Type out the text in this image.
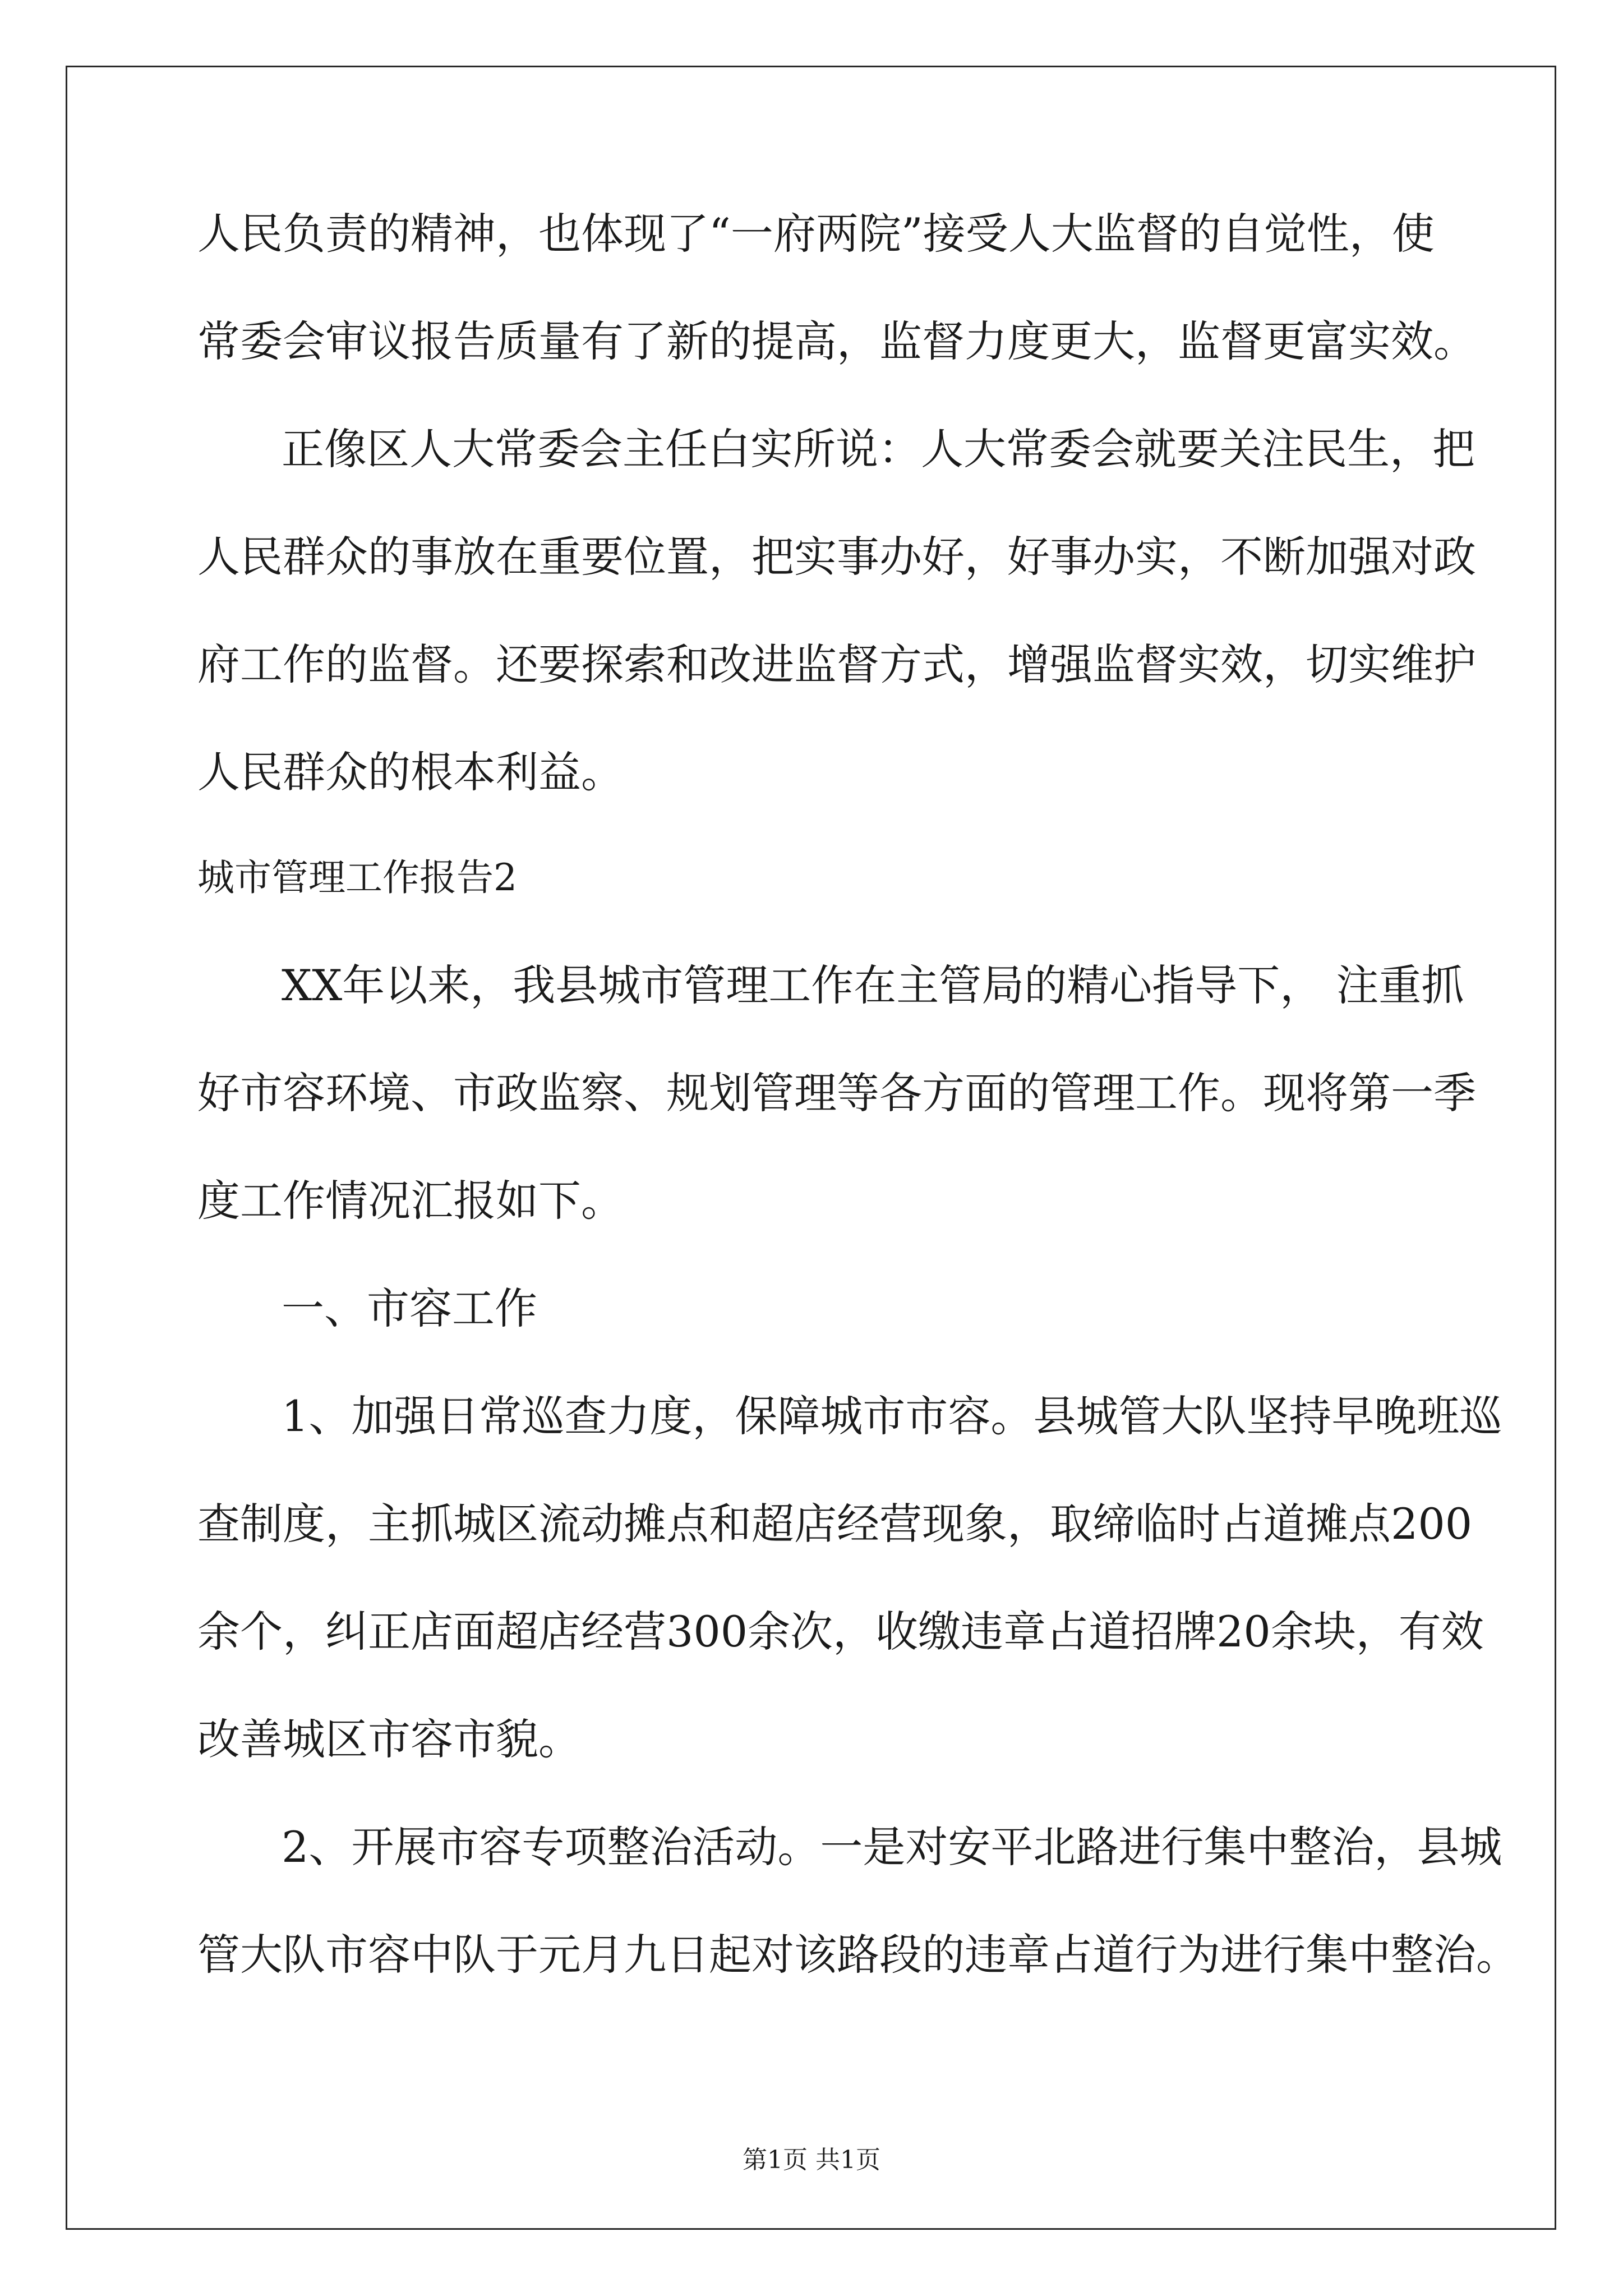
人民负责的精神，也体现了“一府两院”接受人大监督的自觉性，使
常委会审议报告质量有了新的提高，监督力度更大，监督更富实效。
正像区人大常委会主任白实所说：人大常委会就要关注民生，把
人民群众的事放在重要位置，把实事办好，好事办实，不断加强对政
府工作的监督。还要探索和改进监督方式，增强监督实效，切实维护
人民群众的根本利益。
城市管理工作报告2
XX年以来，我县城市管理工作在主管局的精心指导下， 注重抓
好市容环境、市政监察、规划管理等各方面的管理工作。现将第一季
度工作情况汇报如下。
一、市容工作
1、加强日常巡查力度，保障城市市容。县城管大队坚持早晚班巡
查制度，主抓城区流动摊点和超店经营现象，取缔临时占道摊点200
余个，纠正店面超店经营300余次，收缴违章占道招牌20余块，有效
改善城区市容市貌。
2、开展市容专项整治活动。一是对安平北路进行集中整治，县城
管大队市容中队于元月九日起对该路段的违章占道行为进行集中整治。
第1页 共1页
